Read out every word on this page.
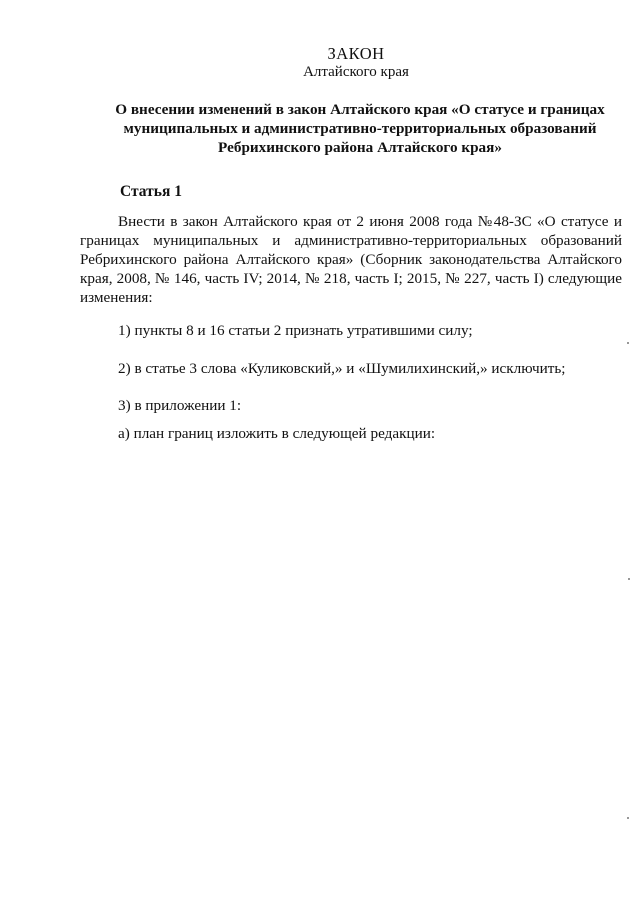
ЗАКОН
Алтайского края
О внесении изменений в закон Алтайского края «О статусе и границах муниципальных и административно-территориальных образований Ребрихинского района Алтайского края»
Статья 1
Внести в закон Алтайского края от 2 июня 2008 года №48-ЗС «О статусе и границах муниципальных и административно-территориальных образований Ребрихинского района Алтайского края» (Сборник законодательства Алтайского края, 2008, № 146, часть IV; 2014, № 218, часть I; 2015, № 227, часть I) следующие изменения:
1) пункты 8 и 16 статьи 2 признать утратившими силу;
2) в статье 3 слова «Куликовский,» и «Шумилихинский,» исключить;
3) в приложении 1:
а) план границ изложить в следующей редакции:
